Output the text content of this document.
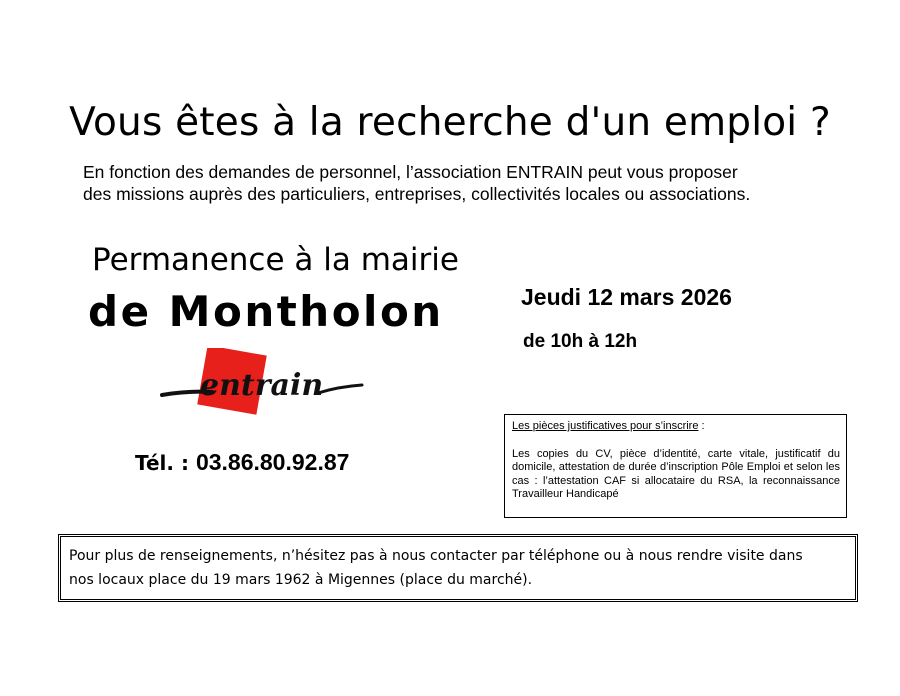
Vous êtes à la recherche d'un emploi ?

En fonction des demandes de personnel, l’association ENTRAIN peut vous proposer

des missions auprès des particuliers, entreprises, collectivités locales ou associations.

Permanence à la mairie
de Montholon	Jeudi 12 mars 2026
de 10h à 12h
entrain
Tél. : 03.86.80.92.87

Les pièces justificatives pour s’inscrire :

Les copies du CV, pièce d’identité, carte vitale, justificatif du domicile, attestation de durée d’inscription Pôle Emploi et selon les cas : l’attestation CAF si allocataire du RSA, la reconnaissance Travailleur Handicapé

Pour plus de renseignements, n’hésitez pas à nous contacter par téléphone ou à nous rendre visite dans

nos locaux place du 19 mars 1962 à Migennes (place du marché).
